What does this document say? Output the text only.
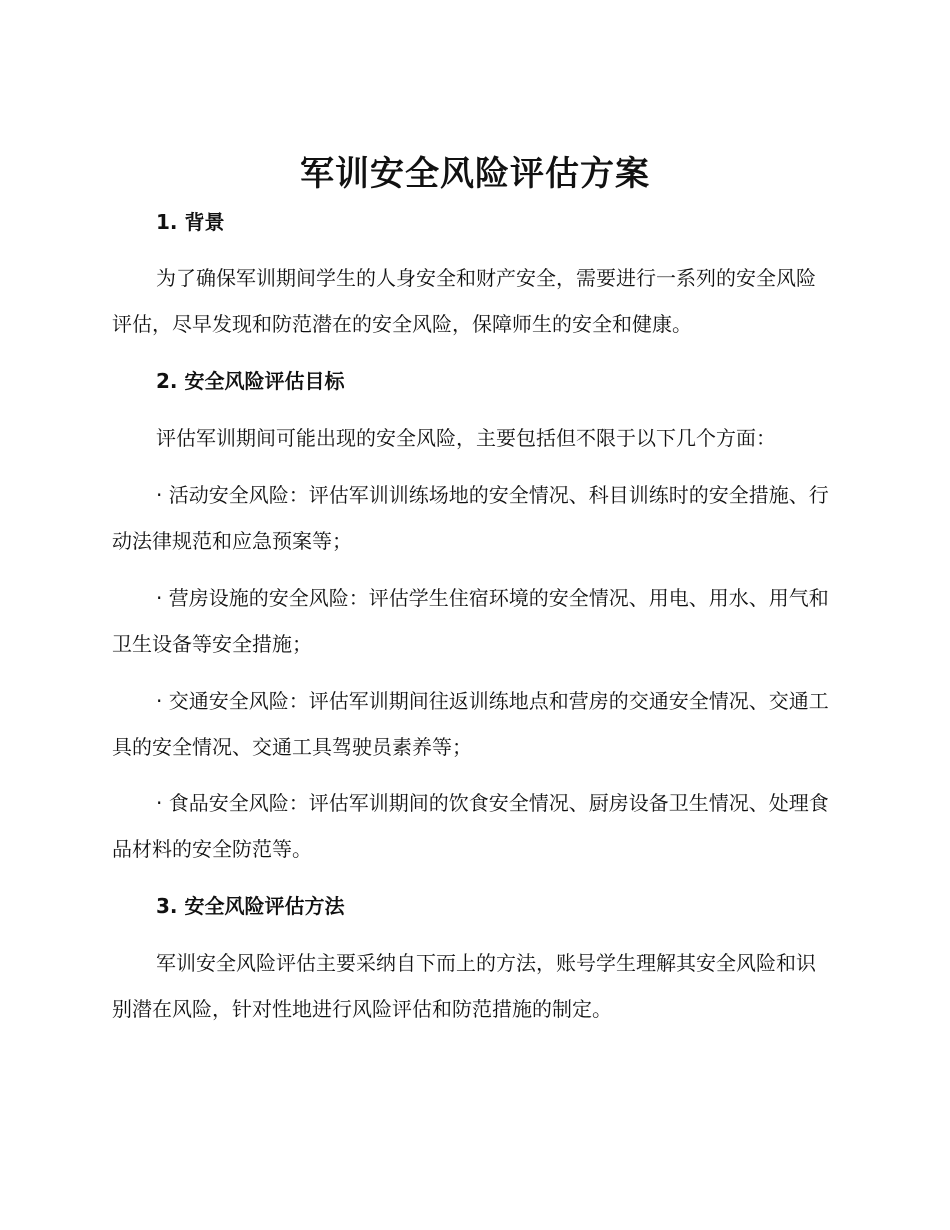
军训安全风险评估方案
1. 背景

为了确保军训期间学生的人身安全和财产安全，需要进行一系列的安全风险评估，尽早发现和防范潜在的安全风险，保障师生的安全和健康。

2. 安全风险评估目标

评估军训期间可能出现的安全风险，主要包括但不限于以下几个方面：

· 活动安全风险：评估军训训练场地的安全情况、科目训练时的安全措施、行动法律规范和应急预案等；

· 营房设施的安全风险：评估学生住宿环境的安全情况、用电、用水、用气和卫生设备等安全措施；

· 交通安全风险：评估军训期间往返训练地点和营房的交通安全情况、交通工具的安全情况、交通工具驾驶员素养等；

· 食品安全风险：评估军训期间的饮食安全情况、厨房设备卫生情况、处理食品材料的安全防范等。

3. 安全风险评估方法

军训安全风险评估主要采纳自下而上的方法，账号学生理解其安全风险和识别潜在风险，针对性地进行风险评估和防范措施的制定。
